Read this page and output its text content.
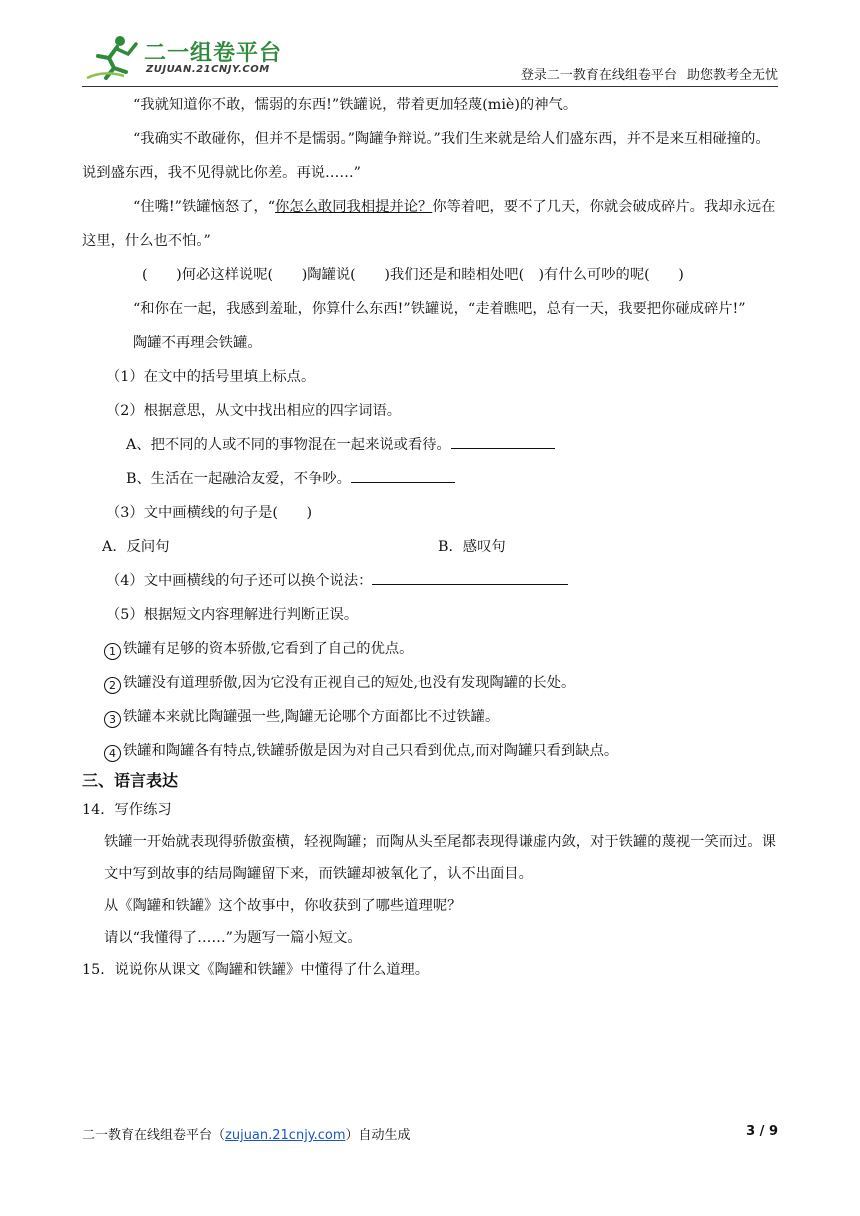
二一组卷平台
ZUJUAN.21CNJY.COM	登录二一教育在线组卷平台 助您教考全无忧

“我就知道你不敢，懦弱的东西!”铁罐说，带着更加轻蔑(miè)的神气。

“我确实不敢碰你，但并不是懦弱。”陶罐争辩说。”我们生来就是给人们盛东西，并不是来互相碰撞的。说到盛东西，我不见得就比你差。再说……”

“住嘴!”铁罐恼怒了，“你怎么敢同我相提并论？你等着吧，要不了几天，你就会破成碎片。我却永远在这里，什么也不怕。”

(　　)何必这样说呢(　　)陶罐说(　　)我们还是和睦相处吧(　)有什么可吵的呢(　　)

“和你在一起，我感到羞耻，你算什么东西!”铁罐说，“走着瞧吧，总有一天，我要把你碰成碎片!”

陶罐不再理会铁罐。

（1）在文中的括号里填上标点。

（2）根据意思，从文中找出相应的四字词语。

A、把不同的人或不同的事物混在一起来说或看待。

B、生活在一起融洽友爱，不争吵。

（3）文中画横线的句子是(　　)

A．反问句	B．感叹句

（4）文中画横线的句子还可以换个说法：

（5）根据短文内容理解进行判断正误。

1 铁罐有足够的资本骄傲,它看到了自己的优点。

2 铁罐没有道理骄傲,因为它没有正视自己的短处,也没有发现陶罐的长处。

3 铁罐本来就比陶罐强一些,陶罐无论哪个方面都比不过铁罐。

4 铁罐和陶罐各有特点,铁罐骄傲是因为对自己只看到优点,而对陶罐只看到缺点。

三、语言表达

14．写作练习

铁罐一开始就表现得骄傲蛮横，轻视陶罐；而陶从头至尾都表现得谦虚内敛，对于铁罐的蔑视一笑而过。课文中写到故事的结局陶罐留下来，而铁罐却被氧化了，认不出面目。

从《陶罐和铁罐》这个故事中，你收获到了哪些道理呢？

请以“我懂得了……”为题写一篇小短文。

15．说说你从课文《陶罐和铁罐》中懂得了什么道理。

二一教育在线组卷平台（zujuan.21cnjy.com）自动生成	3 / 9
